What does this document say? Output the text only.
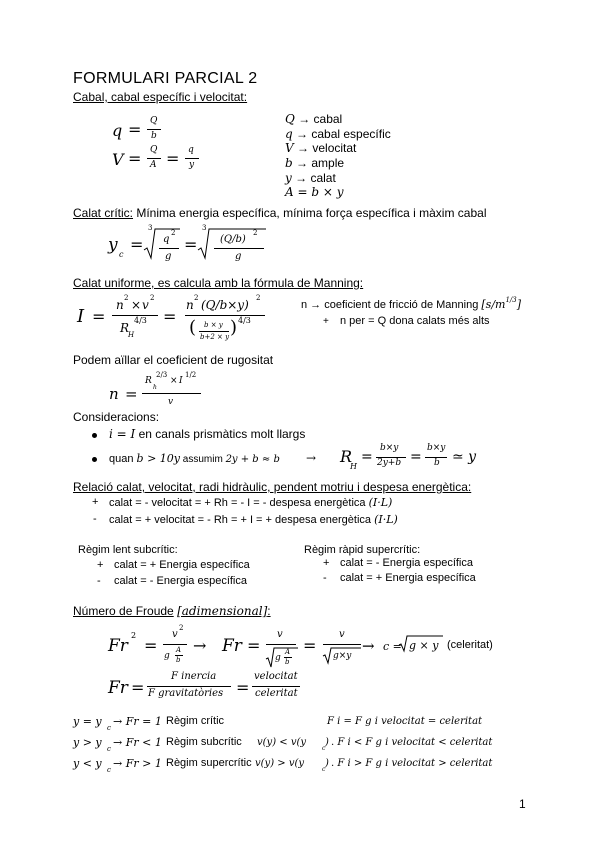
FORMULARI PARCIAL 2
Cabal, cabal específic i velocitat:
q = Q
b
V = Q
A = q
y
Q → cabal
q → cabal específic
V → velocitat
b → ample
y → calat
A = b × y
Calat crític: Mínima energia específica, mínima força específica i màxim cabal
y c
=
3
q
2
g
=
3
(Q/b)
2
g
Calat uniforme, es calcula amb la fórmula de Manning:
I =
n 2 × v 2
R
H
4/3 =
n 2 (Q/b×y) 2
( b × y
b+2 × y ) 4/3
n → coeficient de fricció de Manning $[s/m^{1/3}]$
+ n per = Q dona calats més alts
Podem aïllar el coeficient de rugositat
n =
R
h
2/3
× I
1/2
v
Consideracions:
i = I en canals prismàtics molt llargs
quan b > 10y assumim 2y + b ≈ b → R
H
=
b×y
2y+b =
b×y
b ≃ y
Relació calat, velocitat, radi hidràulic, pendent motriu i despesa energètica:
+ calat = - velocitat = + Rh = - I = - despesa energètica (I·L)
- calat = + velocitat = - Rh = + I = + despesa energètica (I·L)
Règim lent subcrític:
+ calat = + Energia específica
- calat = - Energia específica
Règim ràpid supercrític:
+ calat = - Energia específica
- calat = + Energia específica
Número de Froude [adimensional]:
Fr
2
=
v
2
g
A
b
→ Fr =
v
g
A
b
=
v
g×y
→ c = g × y (celeritat)
Fr =
F inercia
F gravitatòries =
velocitat
celeritat
y = y c → Fr = 1 Règim crític	F i = F g i velocitat = celeritat
y > y c → Fr < 1 Règim subcrític v(y) < v(y
c
) . F i < F g i velocitat < celeritat
y < y c → Fr > 1 Règim supercrític v(y) > v(y
c
) . F i > F g i velocitat > celeritat
1
